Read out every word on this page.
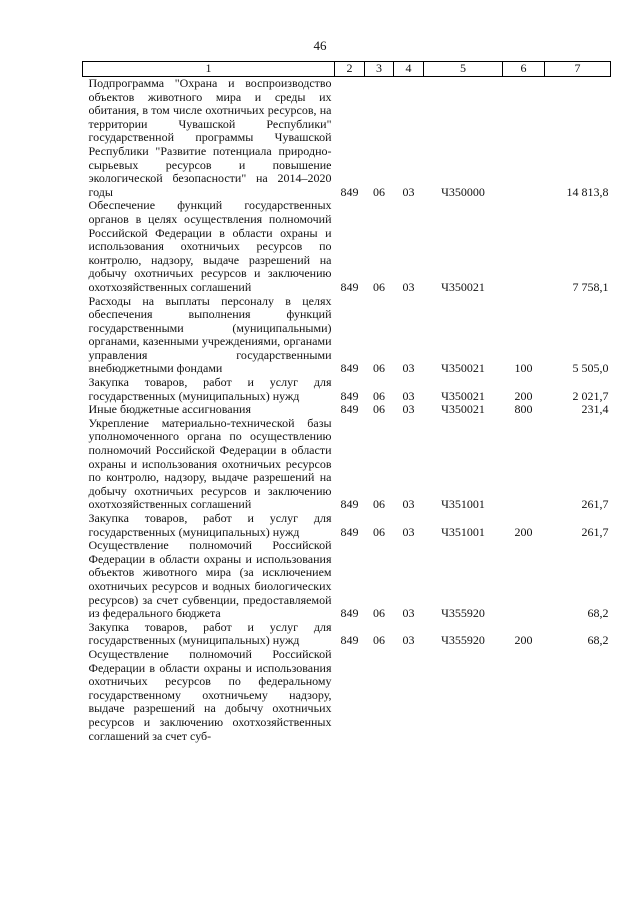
46
1	2	3	4	5	6	7
Подпрограмма "Охрана и воспроизводство объектов животного мира и среды их обитания, в том числе охотничьих ресурсов, на территории Чувашской Республики" государственной программы Чувашской Республики "Развитие потенциала природно-сырьевых ресурсов и повышение экологической безопасности" на 2014–2020 годы	849	06	03	Ч350000		14 813,8
Обеспечение функций государственных органов в целях осуществления полномочий Российской Федерации в области охраны и использования охотничьих ресурсов по контролю, надзору, выдаче разрешений на добычу охотничьих ресурсов и заключению охотхозяйственных соглашений	849	06	03	Ч350021		7 758,1
Расходы на выплаты персоналу в целях обеспечения выполнения функций государственными (муниципальными) органами, казенными учреждениями, органами управления государственными внебюджетными фондами	849	06	03	Ч350021	100	5 505,0
Закупка товаров, работ и услуг для государственных (муниципальных) нужд	849	06	03	Ч350021	200	2 021,7
Иные бюджетные ассигнования	849	06	03	Ч350021	800	231,4
Укрепление материально-технической базы уполномоченного органа по осуществлению полномочий Российской Федерации в области охраны и использования охотничьих ресурсов по контролю, надзору, выдаче разрешений на добычу охотничьих ресурсов и заключению охотхозяйственных соглашений	849	06	03	Ч351001		261,7
Закупка товаров, работ и услуг для государственных (муниципальных) нужд	849	06	03	Ч351001	200	261,7
Осуществление полномочий Российской Федерации в области охраны и использования объектов животного мира (за исключением охотничьих ресурсов и водных биологических ресурсов) за счет субвенции, предоставляемой из федерального бюджета	849	06	03	Ч355920		68,2
Закупка товаров, работ и услуг для государственных (муниципальных) нужд	849	06	03	Ч355920	200	68,2
Осуществление полномочий Российской Федерации в области охраны и использования охотничьих ресурсов по федеральному государственному охотничьему надзору, выдаче разрешений на добычу охотничьих ресурсов и заключению охотхозяйственных соглашений за счет суб-						
